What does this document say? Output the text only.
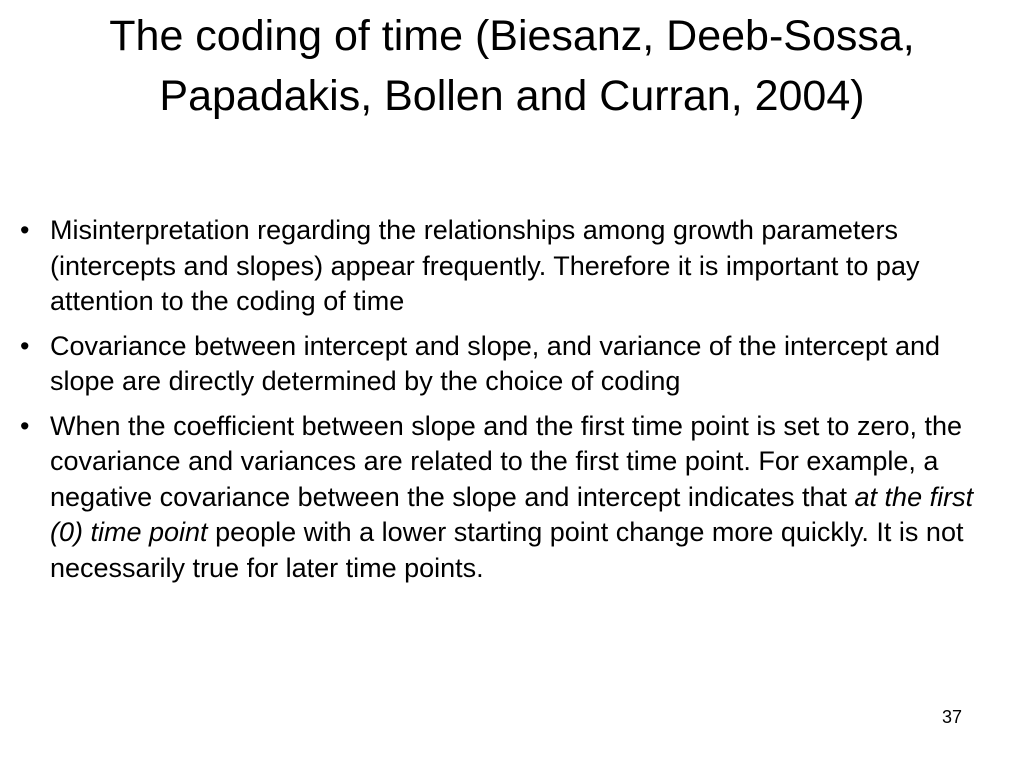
The coding of time (Biesanz, Deeb-Sossa, Papadakis, Bollen and Curran, 2004)
• Misinterpretation regarding the relationships among growth parameters (intercepts and slopes) appear frequently. Therefore it is important to pay attention to the coding of time
• Covariance between intercept and slope, and variance of the intercept and slope are directly determined by the choice of coding
• When the coefficient between slope and the first time point is set to zero, the covariance and variances are related to the first time point. For example, a negative covariance between the slope and intercept indicates that at the first (0) time point people with a lower starting point change more quickly. It is not necessarily true for later time points.
37
